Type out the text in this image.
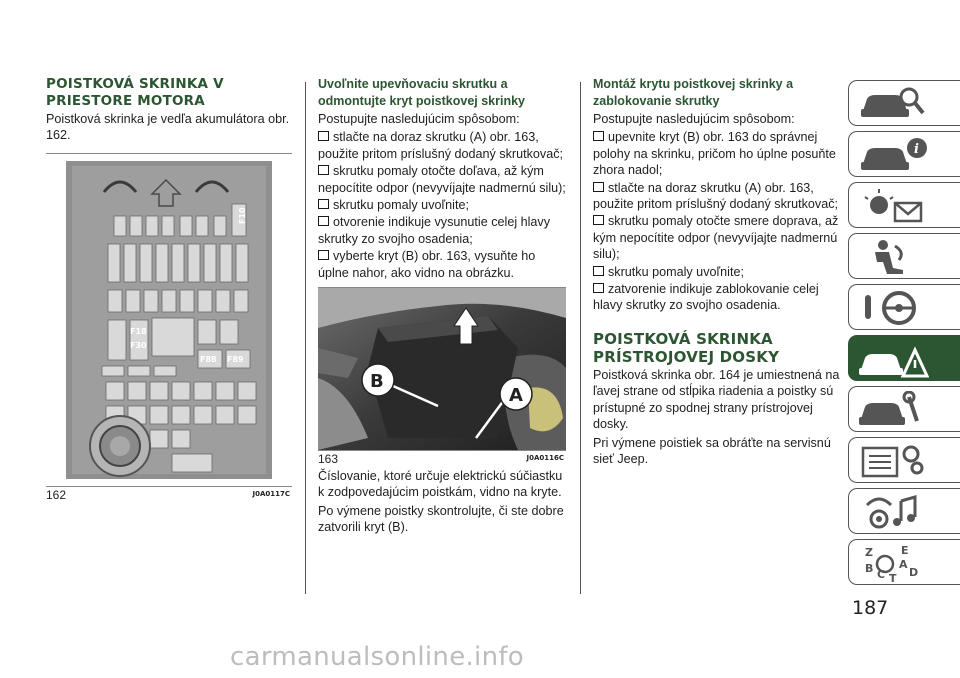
POISTKOVÁ SKRINKA V PRIESTORE MOTORA

Poistková skrinka je vedľa akumulátora obr. 162.

F10
F18
F30
F88 F89
162	J0A0117C
Uvoľnite upevňovaciu skrutku a odmontujte kryt poistkovej skrinky

Postupujte nasledujúcim spôsobom:

stlačte na doraz skrutku (A) obr. 163, použite pritom príslušný dodaný skrutkovač;
skrutku pomaly otočte doľava, až kým nepocítite odpor (nevyvíjajte nadmernú silu);
skrutku pomaly uvoľnite;
otvorenie indikuje vysunutie celej hlavy skrutky zo svojho osadenia;
vyberte kryt (B) obr. 163, vysuňte ho úplne nahor, ako vidno na obrázku.
B
A
163	J0A0116C

Číslovanie, ktoré určuje elektrickú súčiastku k zodpovedajúcim poistkám, vidno na kryte.

Po výmene poistky skontrolujte, či ste dobre zatvorili kryt (B).

Montáž krytu poistkovej skrinky a zablokovanie skrutky

Postupujte nasledujúcim spôsobom:

upevnite kryt (B) obr. 163 do správnej polohy na skrinku, pričom ho úplne posuňte zhora nadol;
stlačte na doraz skrutku (A) obr. 163, použite pritom príslušný dodaný skrutkovač;
skrutku pomaly otočte smere doprava, až kým nepocítite odpor (nevyvíjajte nadmernú silu);
skrutku pomaly uvoľnite;
zatvorenie indikuje zablokovanie celej hlavy skrutky zo svojho osadenia.
POISTKOVÁ SKRINKA PRÍSTROJOVEJ DOSKY

Poistková skrinka obr. 164 je umiestnená na ľavej strane od stĺpika riadenia a poistky sú prístupné zo spodnej strany prístrojovej dosky.

Pri výmene poistiek sa obráťte na servisnú sieť Jeep.

i
Z	E
A
B C D
T
187
carmanualsonline.info
